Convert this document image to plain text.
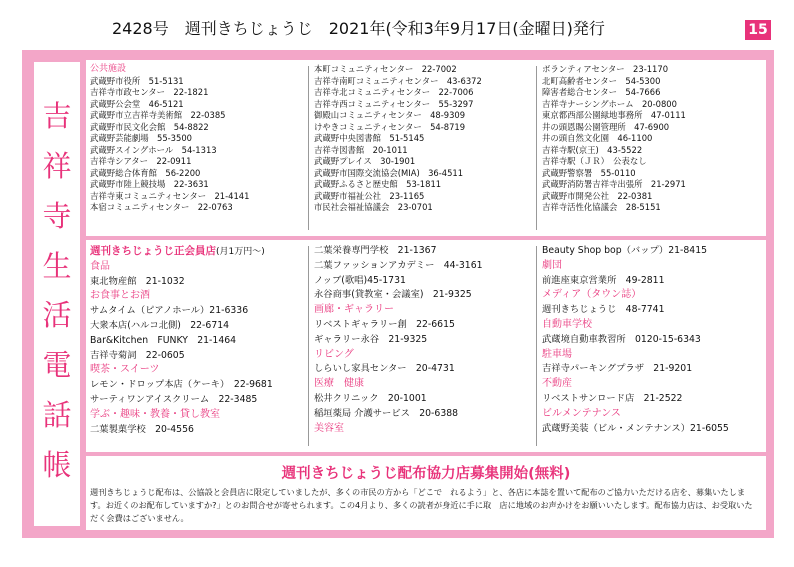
2428号　週刊きちじょうじ　2021年(令和3年9月17日(金曜日)発行	15
吉
祥
寺
生
活
電
話
帳
公共施設
武蔵野市役所　51-5131
吉祥寺市政センター　22-1821
武蔵野公会堂　46-5121
武蔵野市立吉祥寺美術館　22-0385
武蔵野市民文化会館　54-8822
武蔵野芸能劇場　55-3500
武蔵野スイングホール　54-1313
吉祥寺シアター　22-0911
武蔵野総合体育館　56-2200
武蔵野市陸上競技場　22-3631
吉祥寺東コミュニティセンター　21-4141
本宿コミュニティセンター　22-0763
本町コミュニティセンター　22-7002
吉祥寺南町コミュニティセンター　43-6372
吉祥寺北コミュニティセンター　22-7006
吉祥寺西コミュニティセンター　55-3297
御殿山コミュニティセンター　48-9309
けやきコミュニティセンター　54-8719
武蔵野中央図書館　51-5145
吉祥寺図書館　20-1011
武蔵野プレイス　30-1901
武蔵野市国際交流協会(MIA)　36-4511
武蔵野ふるさと歴史館　53-1811
武蔵野市福祉公社　23-1165
市民社会福祉協議会　23-0701
ボランティアセンター　23-1170
北町高齢者センター　54-5300
障害者総合センター　54-7666
吉祥寺ナーシングホーム　20-0800
東京都西部公園緑地事務所　47-0111
井の頭恩賜公園管理所　47-6900
井の頭自然文化園　46-1100
吉祥寺駅(京王)　43-5522
吉祥寺駅（ＪＲ）　公表なし
武蔵野警察署　55-0110
武蔵野消防署吉祥寺出張所　21-2971
武蔵野市開発公社　22-0381
吉祥寺活性化協議会　28-5151
週刊きちじょうじ正会員店(月1万円〜)
食品
東北物産館　21-1032
お食事とお酒
サムタイム（ピアノホール）21-6336
大衆本店(ハルコ北側)　22-6714
Bar&Kitchen　FUNKY　21-1464
吉祥寺菊詞　22-0605
喫茶・スイーツ
レモン・ドロップ本店（ケーキ）　22-9681
サーティワンアイスクリーム　22-3485
学ぶ・趣味・教養・貸し教室
二葉製菓学校　20-4556
二葉栄養専門学校　21-1367
二葉ファッションアカデミー　44-3161
ノッブ(歌唱)45-1731
永谷商事(貸教室・会議室)　21-9325
画廊・ギャラリー
リベストギャラリー創　22-6615
ギャラリー永谷　21-9325
リビング
しらいし家具センター　20-4731
医療　健康
松井クリニック　20-1001
稲垣薬局 介護サービス　20-6388
美容室
Beauty Shop bop（バップ）21-8415
劇団
前進座東京営業所　49-2811
メディア（タウン誌）
週刊きちじょうじ　48-7741
自動車学校
武蔵境自動車教習所　0120-15-6343
駐車場
吉祥寺パーキングプラザ　21-9201
不動産
リベストサンロード店　21-2522
ビルメンテナンス
武蔵野美装（ビル・メンテナンス）21-6055
週刊きちじょうじ配布協力店募集開始(無料)
週刊きちじょうじ配布は、公協設と会員店に限定していましたが、多くの市民の方から「どこで　れるよう」と、各店に本誌を置いて配布のご協力いただける店を、募集いたします。お近くのお配布していますか?」とのお問合せが寄せられます。この4月より、多くの読者が身近に手に取　店に地域のお声かけをお願いいたします。配布協力店は、お受取いただく会費はございません。
